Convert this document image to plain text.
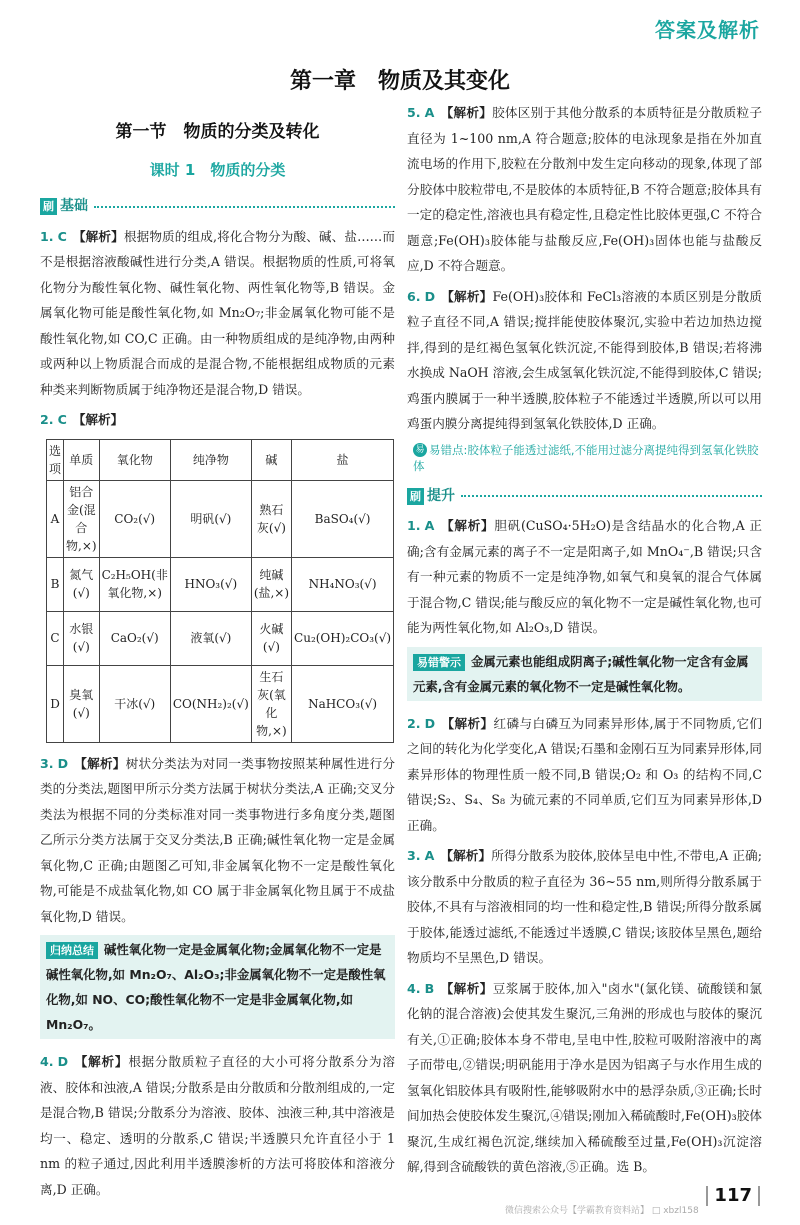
答案及解析
第一章　物质及其变化
第一节　物质的分类及转化
课时 1　物质的分类
刷 基础
1. C 【解析】根据物质的组成,将化合物分为酸、碱、盐……而不是根据溶液酸碱性进行分类,A 错误。根据物质的性质,可将氧化物分为酸性氧化物、碱性氧化物、两性氧化物等,B 错误。金属氧化物可能是酸性氧化物,如 Mn₂O₇;非金属氧化物可能不是酸性氧化物,如 CO,C 正确。由一种物质组成的是纯净物,由两种或两种以上物质混合而成的是混合物,不能根据组成物质的元素种类来判断物质属于纯净物还是混合物,D 错误。
2. C 【解析】
选项	单质	氧化物	纯净物	碱	盐
A	铝合金(混合物,×)	CO₂(√)	明矾(√)	熟石灰(√)	BaSO₄(√)
B	氮气(√)	C₂H₅OH(非氧化物,×)	HNO₃(√)	纯碱(盐,×)	NH₄NO₃(√)
C	水银(√)	CaO₂(√)	液氧(√)	火碱(√)	Cu₂(OH)₂CO₃(√)
D	臭氧(√)	干冰(√)	CO(NH₂)₂(√)	生石灰(氧化物,×)	NaHCO₃(√)
3. D 【解析】树状分类法为对同一类事物按照某种属性进行分类的分类法,题图甲所示分类方法属于树状分类法,A 正确;交叉分类法为根据不同的分类标准对同一类事物进行多角度分类,题图乙所示分类方法属于交叉分类法,B 正确;碱性氧化物一定是金属氧化物,C 正确;由题图乙可知,非金属氧化物不一定是酸性氧化物,可能是不成盐氧化物,如 CO 属于非金属氧化物且属于不成盐氧化物,D 错误。
归纳总结 碱性氧化物一定是金属氧化物;金属氧化物不一定是碱性氧化物,如 Mn₂O₇、Al₂O₃;非金属氧化物不一定是酸性氧化物,如 NO、CO;酸性氧化物不一定是非金属氧化物,如 Mn₂O₇。
4. D 【解析】根据分散质粒子直径的大小可将分散系分为溶液、胶体和浊液,A 错误;分散系是由分散质和分散剂组成的,一定是混合物,B 错误;分散系分为溶液、胶体、浊液三种,其中溶液是均一、稳定、透明的分散系,C 错误;半透膜只允许直径小于 1 nm 的粒子通过,因此利用半透膜渗析的方法可将胶体和溶液分离,D 正确。
5. A 【解析】胶体区别于其他分散系的本质特征是分散质粒子直径为 1~100 nm,A 符合题意;胶体的电泳现象是指在外加直流电场的作用下,胶粒在分散剂中发生定向移动的现象,体现了部分胶体中胶粒带电,不是胶体的本质特征,B 不符合题意;胶体具有一定的稳定性,溶液也具有稳定性,且稳定性比胶体更强,C 不符合题意;Fe(OH)₃胶体能与盐酸反应,Fe(OH)₃固体也能与盐酸反应,D 不符合题意。
6. D 【解析】Fe(OH)₃胶体和 FeCl₃溶液的本质区别是分散质粒子直径不同,A 错误;搅拌能使胶体聚沉,实验中若边加热边搅拌,得到的是红褐色氢氧化铁沉淀,不能得到胶体,B 错误;若将沸水换成 NaOH 溶液,会生成氢氧化铁沉淀,不能得到胶体,C 错误;鸡蛋内膜属于一种半透膜,胶体粒子不能透过半透膜,所以可以用鸡蛋内膜分离提纯得到氢氧化铁胶体,D 正确。
易 易错点:胶体粒子能透过滤纸,不能用过滤分离提纯得到氢氧化铁胶体
刷 提升
1. A 【解析】胆矾(CuSO₄·5H₂O)是含结晶水的化合物,A 正确;含有金属元素的离子不一定是阳离子,如 MnO₄⁻,B 错误;只含有一种元素的物质不一定是纯净物,如氧气和臭氧的混合气体属于混合物,C 错误;能与酸反应的氧化物不一定是碱性氧化物,也可能为两性氧化物,如 Al₂O₃,D 错误。
易错警示 金属元素也能组成阴离子;碱性氧化物一定含有金属元素,含有金属元素的氧化物不一定是碱性氧化物。
2. D 【解析】红磷与白磷互为同素异形体,属于不同物质,它们之间的转化为化学变化,A 错误;石墨和金刚石互为同素异形体,同素异形体的物理性质一般不同,B 错误;O₂ 和 O₃ 的结构不同,C 错误;S₂、S₄、S₈ 为硫元素的不同单质,它们互为同素异形体,D 正确。
3. A 【解析】所得分散系为胶体,胶体呈电中性,不带电,A 正确;该分散系中分散质的粒子直径为 36~55 nm,则所得分散系属于胶体,不具有与溶液相同的均一性和稳定性,B 错误;所得分散系属于胶体,能透过滤纸,不能透过半透膜,C 错误;该胶体呈黑色,题给物质均不呈黑色,D 错误。
4. B 【解析】豆浆属于胶体,加入"卤水"(氯化镁、硫酸镁和氯化钠的混合溶液)会使其发生聚沉,三角洲的形成也与胶体的聚沉有关,①正确;胶体本身不带电,呈电中性,胶粒可吸附溶液中的离子而带电,②错误;明矾能用于净水是因为铝离子与水作用生成的氢氧化铝胶体具有吸附性,能够吸附水中的悬浮杂质,③正确;长时间加热会使胶体发生聚沉,④错误;刚加入稀硫酸时,Fe(OH)₃胶体聚沉,生成红褐色沉淀,继续加入稀硫酸至过量,Fe(OH)₃沉淀溶解,得到含硫酸铁的黄色溶液,⑤正确。选 B。
微信搜索公众号【学霸教育资料站】 □ xbzl158
117
